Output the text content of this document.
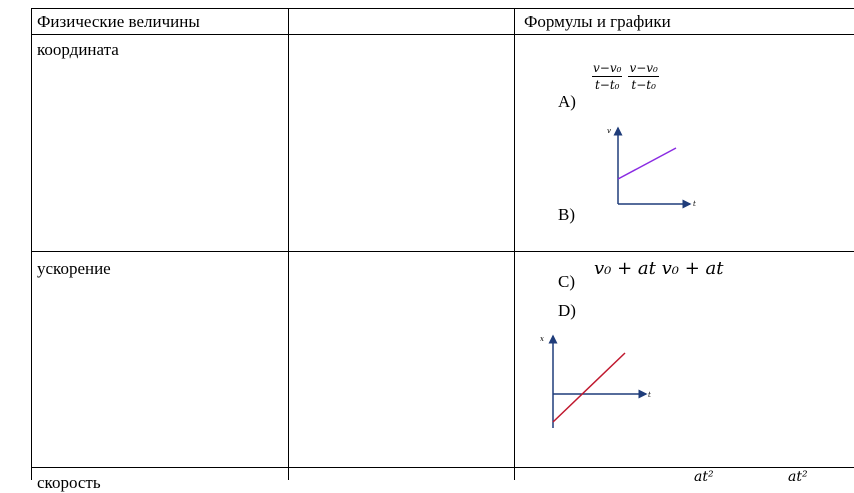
Физические величины	Формулы и графики
координата
ускорение
скорость
A)
$\frac{\text{v−v₀}}{\text{t−t₀}} \frac{\text{v−v₀}}{\text{t−t₀}}$
v
t
B)
C)
v₀ + at v₀ + at
D)
x
t
at²	at²
